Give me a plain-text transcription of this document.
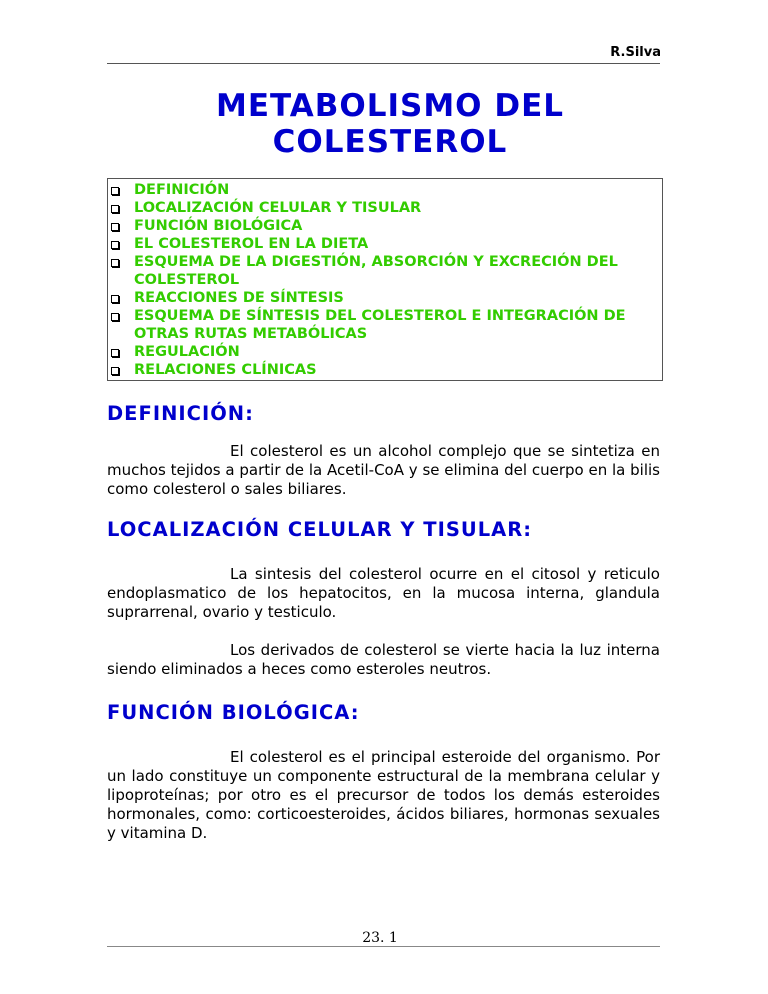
R.Silva
METABOLISMO DEL
COLESTEROL
DEFINICIÓN
LOCALIZACIÓN CELULAR Y TISULAR
FUNCIÓN BIOLÓGICA
EL COLESTEROL EN LA DIETA
ESQUEMA DE LA DIGESTIÓN, ABSORCIÓN Y EXCRECIÓN DEL
COLESTEROL
REACCIONES DE SÍNTESIS
ESQUEMA DE SÍNTESIS DEL COLESTEROL E INTEGRACIÓN DE
OTRAS RUTAS METABÓLICAS
REGULACIÓN
RELACIONES CLÍNICAS
DEFINICIÓN:
El colesterol es un alcohol complejo que se sintetiza en muchos tejidos a partir de la Acetil-CoA y se elimina del cuerpo en la bilis como colesterol o sales biliares.
LOCALIZACIÓN CELULAR Y TISULAR:
La sintesis del colesterol ocurre en el citosol y reticulo endoplasmatico de los hepatocitos, en la mucosa interna, glandula suprarrenal, ovario y testiculo.
Los derivados de colesterol se vierte hacia la luz interna siendo eliminados a heces como esteroles neutros.
FUNCIÓN BIOLÓGICA:
El colesterol es el principal esteroide del organismo. Por un lado constituye un componente estructural de la membrana celular y lipoproteínas; por otro es el precursor de todos los demás esteroides hormonales, como: corticoesteroides, ácidos biliares, hormonas sexuales y vitamina D.
23. 1
